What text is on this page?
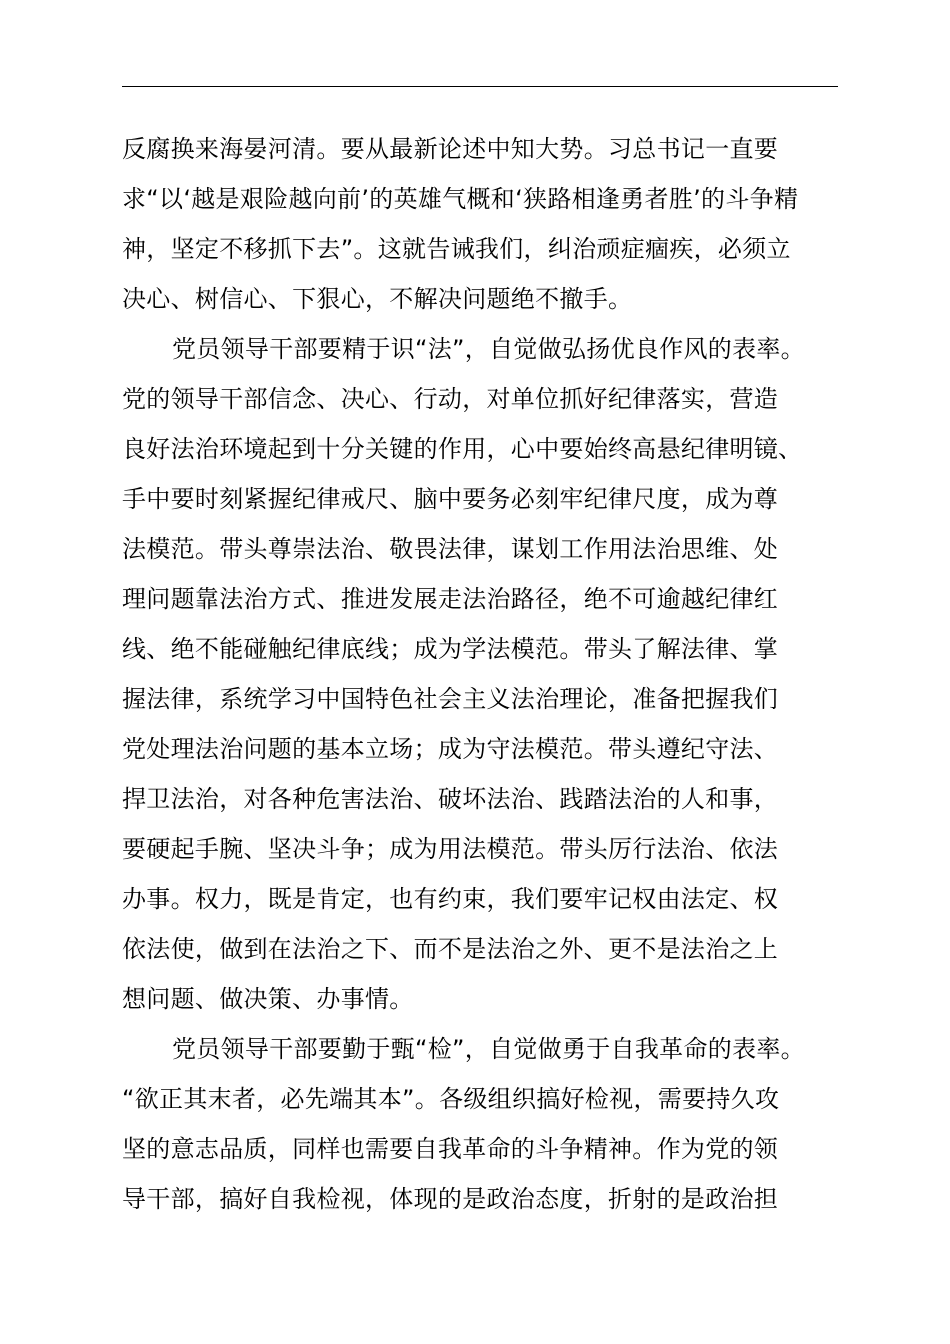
反腐换来海晏河清。要从最新论述中知大势。习总书记一直要
求“以‘越是艰险越向前’的英雄气概和‘狭路相逢勇者胜’的斗争精
神，坚定不移抓下去”。这就告诫我们，纠治顽症痼疾，必须立
决心、树信心、下狠心，不解决问题绝不撤手。
党员领导干部要精于识“法”，自觉做弘扬优良作风的表率。
党的领导干部信念、决心、行动，对单位抓好纪律落实，营造
良好法治环境起到十分关键的作用，心中要始终高悬纪律明镜、
手中要时刻紧握纪律戒尺、脑中要务必刻牢纪律尺度，成为尊
法模范。带头尊崇法治、敬畏法律，谋划工作用法治思维、处
理问题靠法治方式、推进发展走法治路径，绝不可逾越纪律红
线、绝不能碰触纪律底线；成为学法模范。带头了解法律、掌
握法律，系统学习中国特色社会主义法治理论，准备把握我们
党处理法治问题的基本立场；成为守法模范。带头遵纪守法、
捍卫法治，对各种危害法治、破坏法治、践踏法治的人和事，
要硬起手腕、坚决斗争；成为用法模范。带头厉行法治、依法
办事。权力，既是肯定，也有约束，我们要牢记权由法定、权
依法使，做到在法治之下、而不是法治之外、更不是法治之上
想问题、做决策、办事情。
党员领导干部要勤于甄“检”，自觉做勇于自我革命的表率。
“欲正其末者，必先端其本”。各级组织搞好检视，需要持久攻
坚的意志品质，同样也需要自我革命的斗争精神。作为党的领
导干部，搞好自我检视，体现的是政治态度，折射的是政治担
